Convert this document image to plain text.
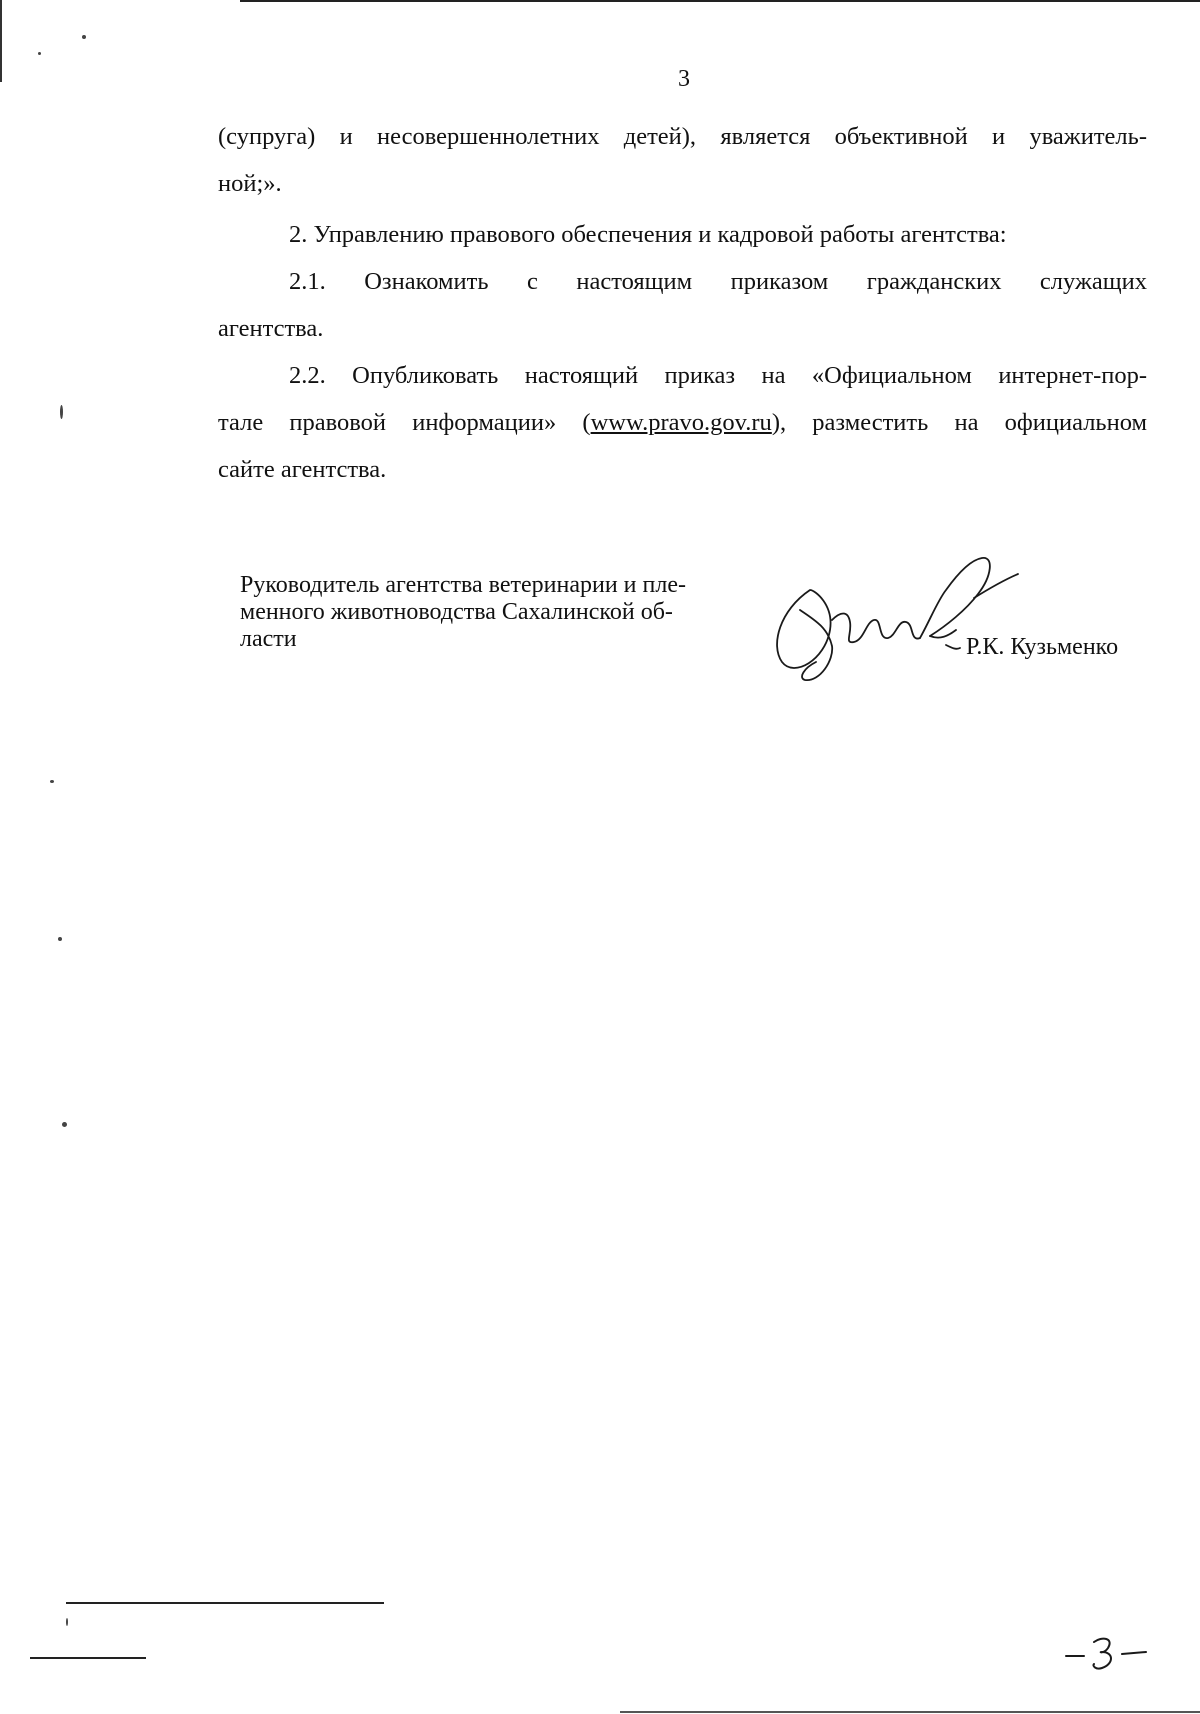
3
(супруга) и несовершеннолетних детей), является объективной и уважитель-
ной;».
2. Управлению правового обеспечения и кадровой работы агентства:
2.1. Ознакомить с настоящим приказом гражданских служащих
агентства.
2.2. Опубликовать настоящий приказ на «Официальном интернет-пор-
тале правовой информации» (www.pravo.gov.ru), разместить на официальном
сайте агентства.
Руководитель агентства ветеринарии и пле-
менного животноводства Сахалинской об-
ласти	Р.К. Кузьменко
